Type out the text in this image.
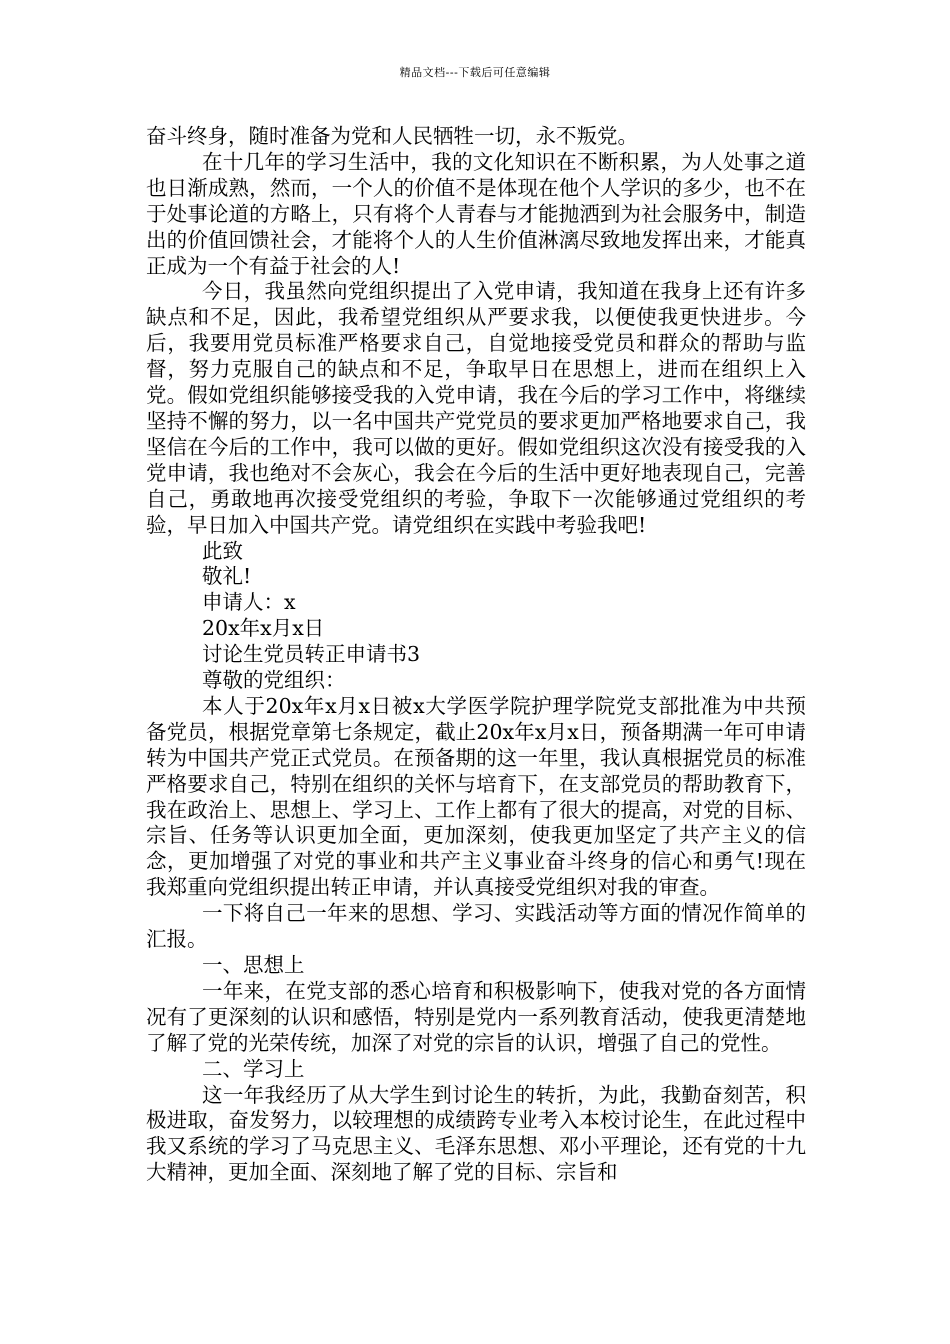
精品文档---下载后可任意编辑

奋斗终身，随时准备为党和人民牺牲一切，永不叛党。

在十几年的学习生活中，我的文化知识在不断积累，为人处事之道也日渐成熟，然而，一个人的价值不是体现在他个人学识的多少，也不在于处事论道的方略上，只有将个人青春与才能抛洒到为社会服务中，制造出的价值回馈社会，才能将个人的人生价值淋漓尽致地发挥出来，才能真正成为一个有益于社会的人!

今日，我虽然向党组织提出了入党申请，我知道在我身上还有许多缺点和不足，因此，我希望党组织从严要求我，以便使我更快进步。今后，我要用党员标准严格要求自己，自觉地接受党员和群众的帮助与监督，努力克服自己的缺点和不足，争取早日在思想上，进而在组织上入党。假如党组织能够接受我的入党申请，我在今后的学习工作中，将继续坚持不懈的努力，以一名中国共产党党员的要求更加严格地要求自己，我坚信在今后的工作中，我可以做的更好。假如党组织这次没有接受我的入党申请，我也绝对不会灰心，我会在今后的生活中更好地表现自己，完善自己，勇敢地再次接受党组织的考验，争取下一次能够通过党组织的考验，早日加入中国共产党。请党组织在实践中考验我吧!

此致

敬礼!

申请人：x

20x年x月x日

讨论生党员转正申请书3

尊敬的党组织：

本人于20x年x月x日被x大学医学院护理学院党支部批准为中共预备党员，根据党章第七条规定，截止20x年x月x日，预备期满一年可申请转为中国共产党正式党员。在预备期的这一年里，我认真根据党员的标准严格要求自己，特别在组织的关怀与培育下，在支部党员的帮助教育下，我在政治上、思想上、学习上、工作上都有了很大的提高，对党的目标、宗旨、任务等认识更加全面，更加深刻，使我更加坚定了共产主义的信念，更加增强了对党的事业和共产主义事业奋斗终身的信心和勇气!现在我郑重向党组织提出转正申请，并认真接受党组织对我的审查。

一下将自己一年来的思想、学习、实践活动等方面的情况作简单的汇报。

一、思想上

一年来，在党支部的悉心培育和积极影响下，使我对党的各方面情况有了更深刻的认识和感悟，特别是党内一系列教育活动，使我更清楚地了解了党的光荣传统，加深了对党的宗旨的认识，增强了自己的党性。

二、学习上

这一年我经历了从大学生到讨论生的转折，为此，我勤奋刻苦，积极进取，奋发努力，以较理想的成绩跨专业考入本校讨论生，在此过程中我又系统的学习了马克思主义、毛泽东思想、邓小平理论，还有党的十九大精神，更加全面、深刻地了解了党的目标、宗旨和
